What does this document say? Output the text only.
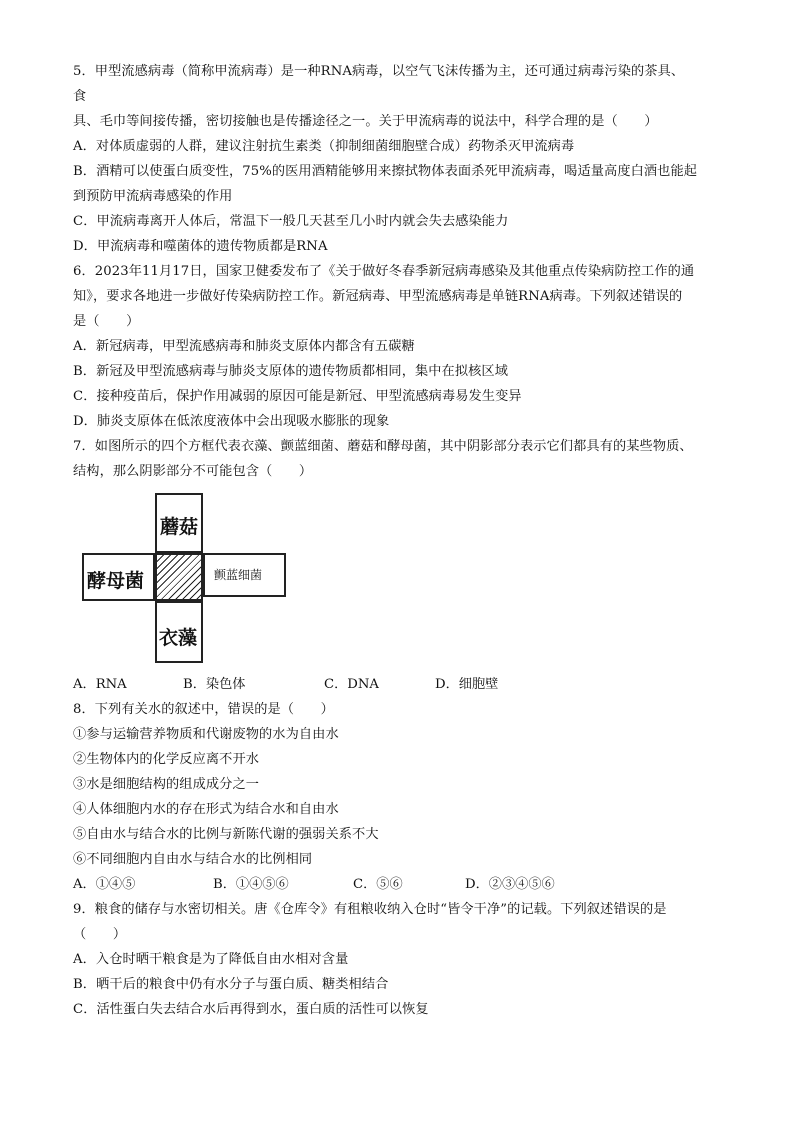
5．甲型流感病毒（简称甲流病毒）是一种RNA病毒，以空气飞沫传播为主，还可通过病毒污染的茶具、
食
具、毛巾等间接传播，密切接触也是传播途径之一。关于甲流病毒的说法中，科学合理的是（　　）
A．对体质虚弱的人群，建议注射抗生素类（抑制细菌细胞壁合成）药物杀灭甲流病毒
B．酒精可以使蛋白质变性，75%的医用酒精能够用来擦拭物体表面杀死甲流病毒，喝适量高度白酒也能起
到预防甲流病毒感染的作用
C．甲流病毒离开人体后，常温下一般几天甚至几小时内就会失去感染能力
D．甲流病毒和噬菌体的遗传物质都是RNA
6．2023年11月17日，国家卫健委发布了《关于做好冬春季新冠病毒感染及其他重点传染病防控工作的通
知》，要求各地进一步做好传染病防控工作。新冠病毒、甲型流感病毒是单链RNA病毒。下列叙述错误的
是（　　）
A．新冠病毒，甲型流感病毒和肺炎支原体内都含有五碳糖
B．新冠及甲型流感病毒与肺炎支原体的遗传物质都相同，集中在拟核区域
C．接种疫苗后，保护作用减弱的原因可能是新冠、甲型流感病毒易发生变异
D．肺炎支原体在低浓度液体中会出现吸水膨胀的现象
7．如图所示的四个方框代表衣藻、颤蓝细菌、蘑菇和酵母菌，其中阴影部分表示它们都具有的某些物质、
结构，那么阴影部分不可能包含（　　）
蘑菇
酵母菌	颤蓝细菌
衣藻
A．RNA	B．染色体	C．DNA	D．细胞壁
8．下列有关水的叙述中，错误的是（　　）
①参与运输营养物质和代谢废物的水为自由水
②生物体内的化学反应离不开水
③水是细胞结构的组成成分之一
④人体细胞内水的存在形式为结合水和自由水
⑤自由水与结合水的比例与新陈代谢的强弱关系不大
⑥不同细胞内自由水与结合水的比例相同
A．①④⑤	B．①④⑤⑥	C．⑤⑥	D．②③④⑤⑥
9．粮食的储存与水密切相关。唐《仓库令》有租粮收纳入仓时“皆令干净”的记载。下列叙述错误的是
（　　）
A．入仓时晒干粮食是为了降低自由水相对含量
B．晒干后的粮食中仍有水分子与蛋白质、糖类相结合
C．活性蛋白失去结合水后再得到水，蛋白质的活性可以恢复
